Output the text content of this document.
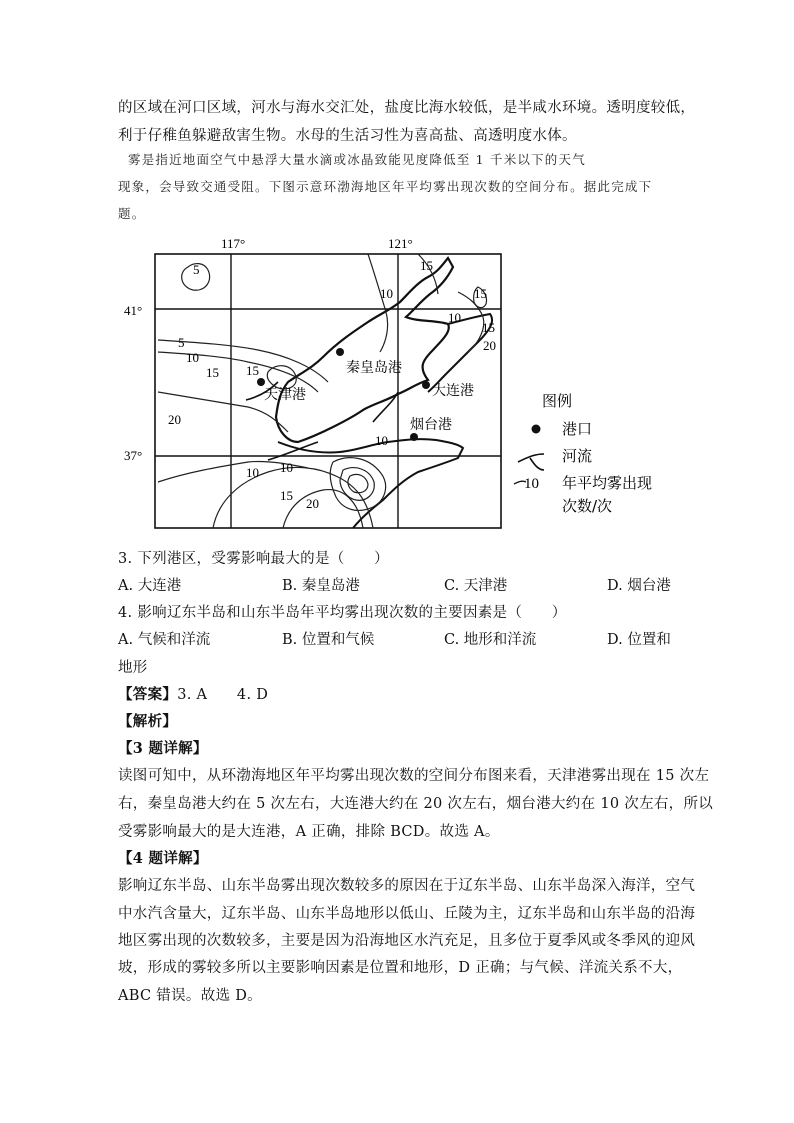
的区域在河口区域，河水与海水交汇处，盐度比海水较低，是半咸水环境。透明度较低，
利于仔稚鱼躲避敌害生物。水母的生活习性为喜高盐、高透明度水体。
雾是指近地面空气中悬浮大量水滴或冰晶致能见度降低至 1 千米以下的天气
现象，会导致交通受阻。下图示意环渤海地区年平均雾出现次数的空间分布。据此完成下
题。
117°	121°
41°
37°
5	15
10	15
15
10
20
5
10
15 15
20
10 10
10
15
20
秦皇岛港
天津港	大连港
烟台港
图例
港口
河流
10 年平均雾出现
次数/次
3. 下列港区，受雾影响最大的是（　　）
A. 大连港	B. 秦皇岛港	C. 天津港	D. 烟台港
4. 影响辽东半岛和山东半岛年平均雾出现次数的主要因素是（　　）
A. 气候和洋流	B. 位置和气候	C. 地形和洋流	D. 位置和
地形
【答案】3. A　　4. D
【解析】
【3 题详解】
读图可知中，从环渤海地区年平均雾出现次数的空间分布图来看，天津港雾出现在 15 次左
右，秦皇岛港大约在 5 次左右，大连港大约在 20 次左右，烟台港大约在 10 次左右，所以
受雾影响最大的是大连港，A 正确，排除 BCD。故选 A。
【4 题详解】
影响辽东半岛、山东半岛雾出现次数较多的原因在于辽东半岛、山东半岛深入海洋，空气
中水汽含量大，辽东半岛、山东半岛地形以低山、丘陵为主，辽东半岛和山东半岛的沿海
地区雾出现的次数较多，主要是因为沿海地区水汽充足，且多位于夏季风或冬季风的迎风
坡，形成的雾较多所以主要影响因素是位置和地形，D 正确；与气候、洋流关系不大，
ABC 错误。故选 D。
